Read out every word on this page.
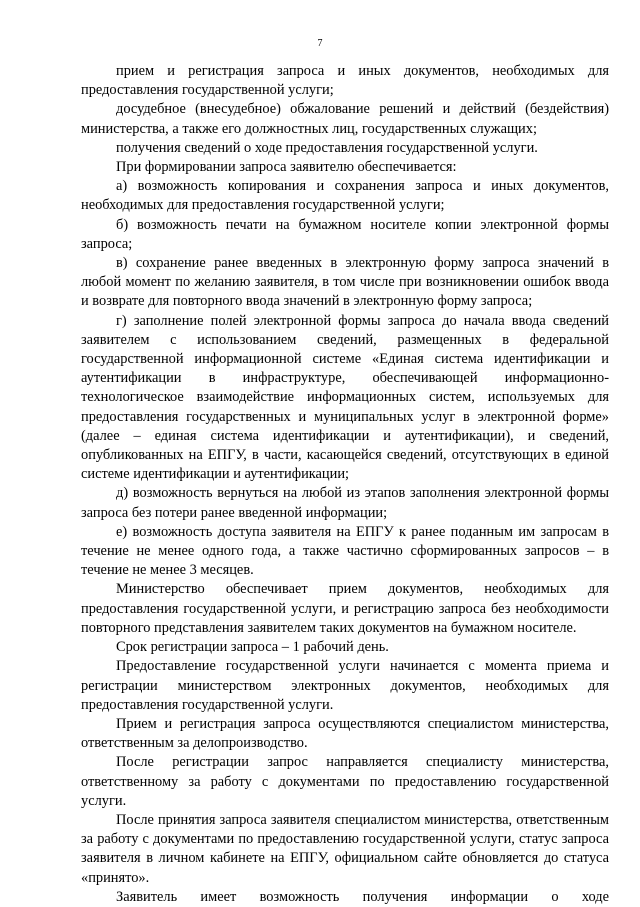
7

прием и регистрация запроса и иных документов, необходимых для предоставления государственной услуги;

досудебное (внесудебное) обжалование решений и действий (бездействия) министерства, а также его должностных лиц, государственных служащих;

получения сведений о ходе предоставления государственной услуги.

При формировании запроса заявителю обеспечивается:

а) возможность копирования и сохранения запроса и иных документов, необходимых для предоставления государственной услуги;

б) возможность печати на бумажном носителе копии электронной формы запроса;

в) сохранение ранее введенных в электронную форму запроса значений в любой момент по желанию заявителя, в том числе при возникновении ошибок ввода и возврате для повторного ввода значений в электронную форму запроса;

г) заполнение полей электронной формы запроса до начала ввода сведений заявителем с использованием сведений, размещенных в федеральной государственной информационной системе «Единая система идентификации и аутентификации в инфраструктуре, обеспечивающей информационно-технологическое взаимодействие информационных систем, используемых для предоставления государственных и муниципальных услуг в электронной форме» (далее – единая система идентификации и аутентификации), и сведений, опубликованных на ЕПГУ, в части, касающейся сведений, отсутствующих в единой системе идентификации и аутентификации;

д) возможность вернуться на любой из этапов заполнения электронной формы запроса без потери ранее введенной информации;

е) возможность доступа заявителя на ЕПГУ к ранее поданным им запросам в течение не менее одного года, а также частично сформированных запросов – в течение не менее 3 месяцев.

Министерство обеспечивает прием документов, необходимых для предоставления государственной услуги, и регистрацию запроса без необходимости повторного представления заявителем таких документов на бумажном носителе.

Срок регистрации запроса – 1 рабочий день.

Предоставление государственной услуги начинается с момента приема и регистрации министерством электронных документов, необходимых для предоставления государственной услуги.

Прием и регистрация запроса осуществляются специалистом министерства, ответственным за делопроизводство.

После регистрации запрос направляется специалисту министерства, ответственному за работу с документами по предоставлению государственной услуги.

После принятия запроса заявителя специалистом министерства, ответственным за работу с документами по предоставлению государственной услуги, статус запроса заявителя в личном кабинете на ЕПГУ, официальном сайте обновляется до статуса «принято».

Заявитель имеет возможность получения информации о ходе
